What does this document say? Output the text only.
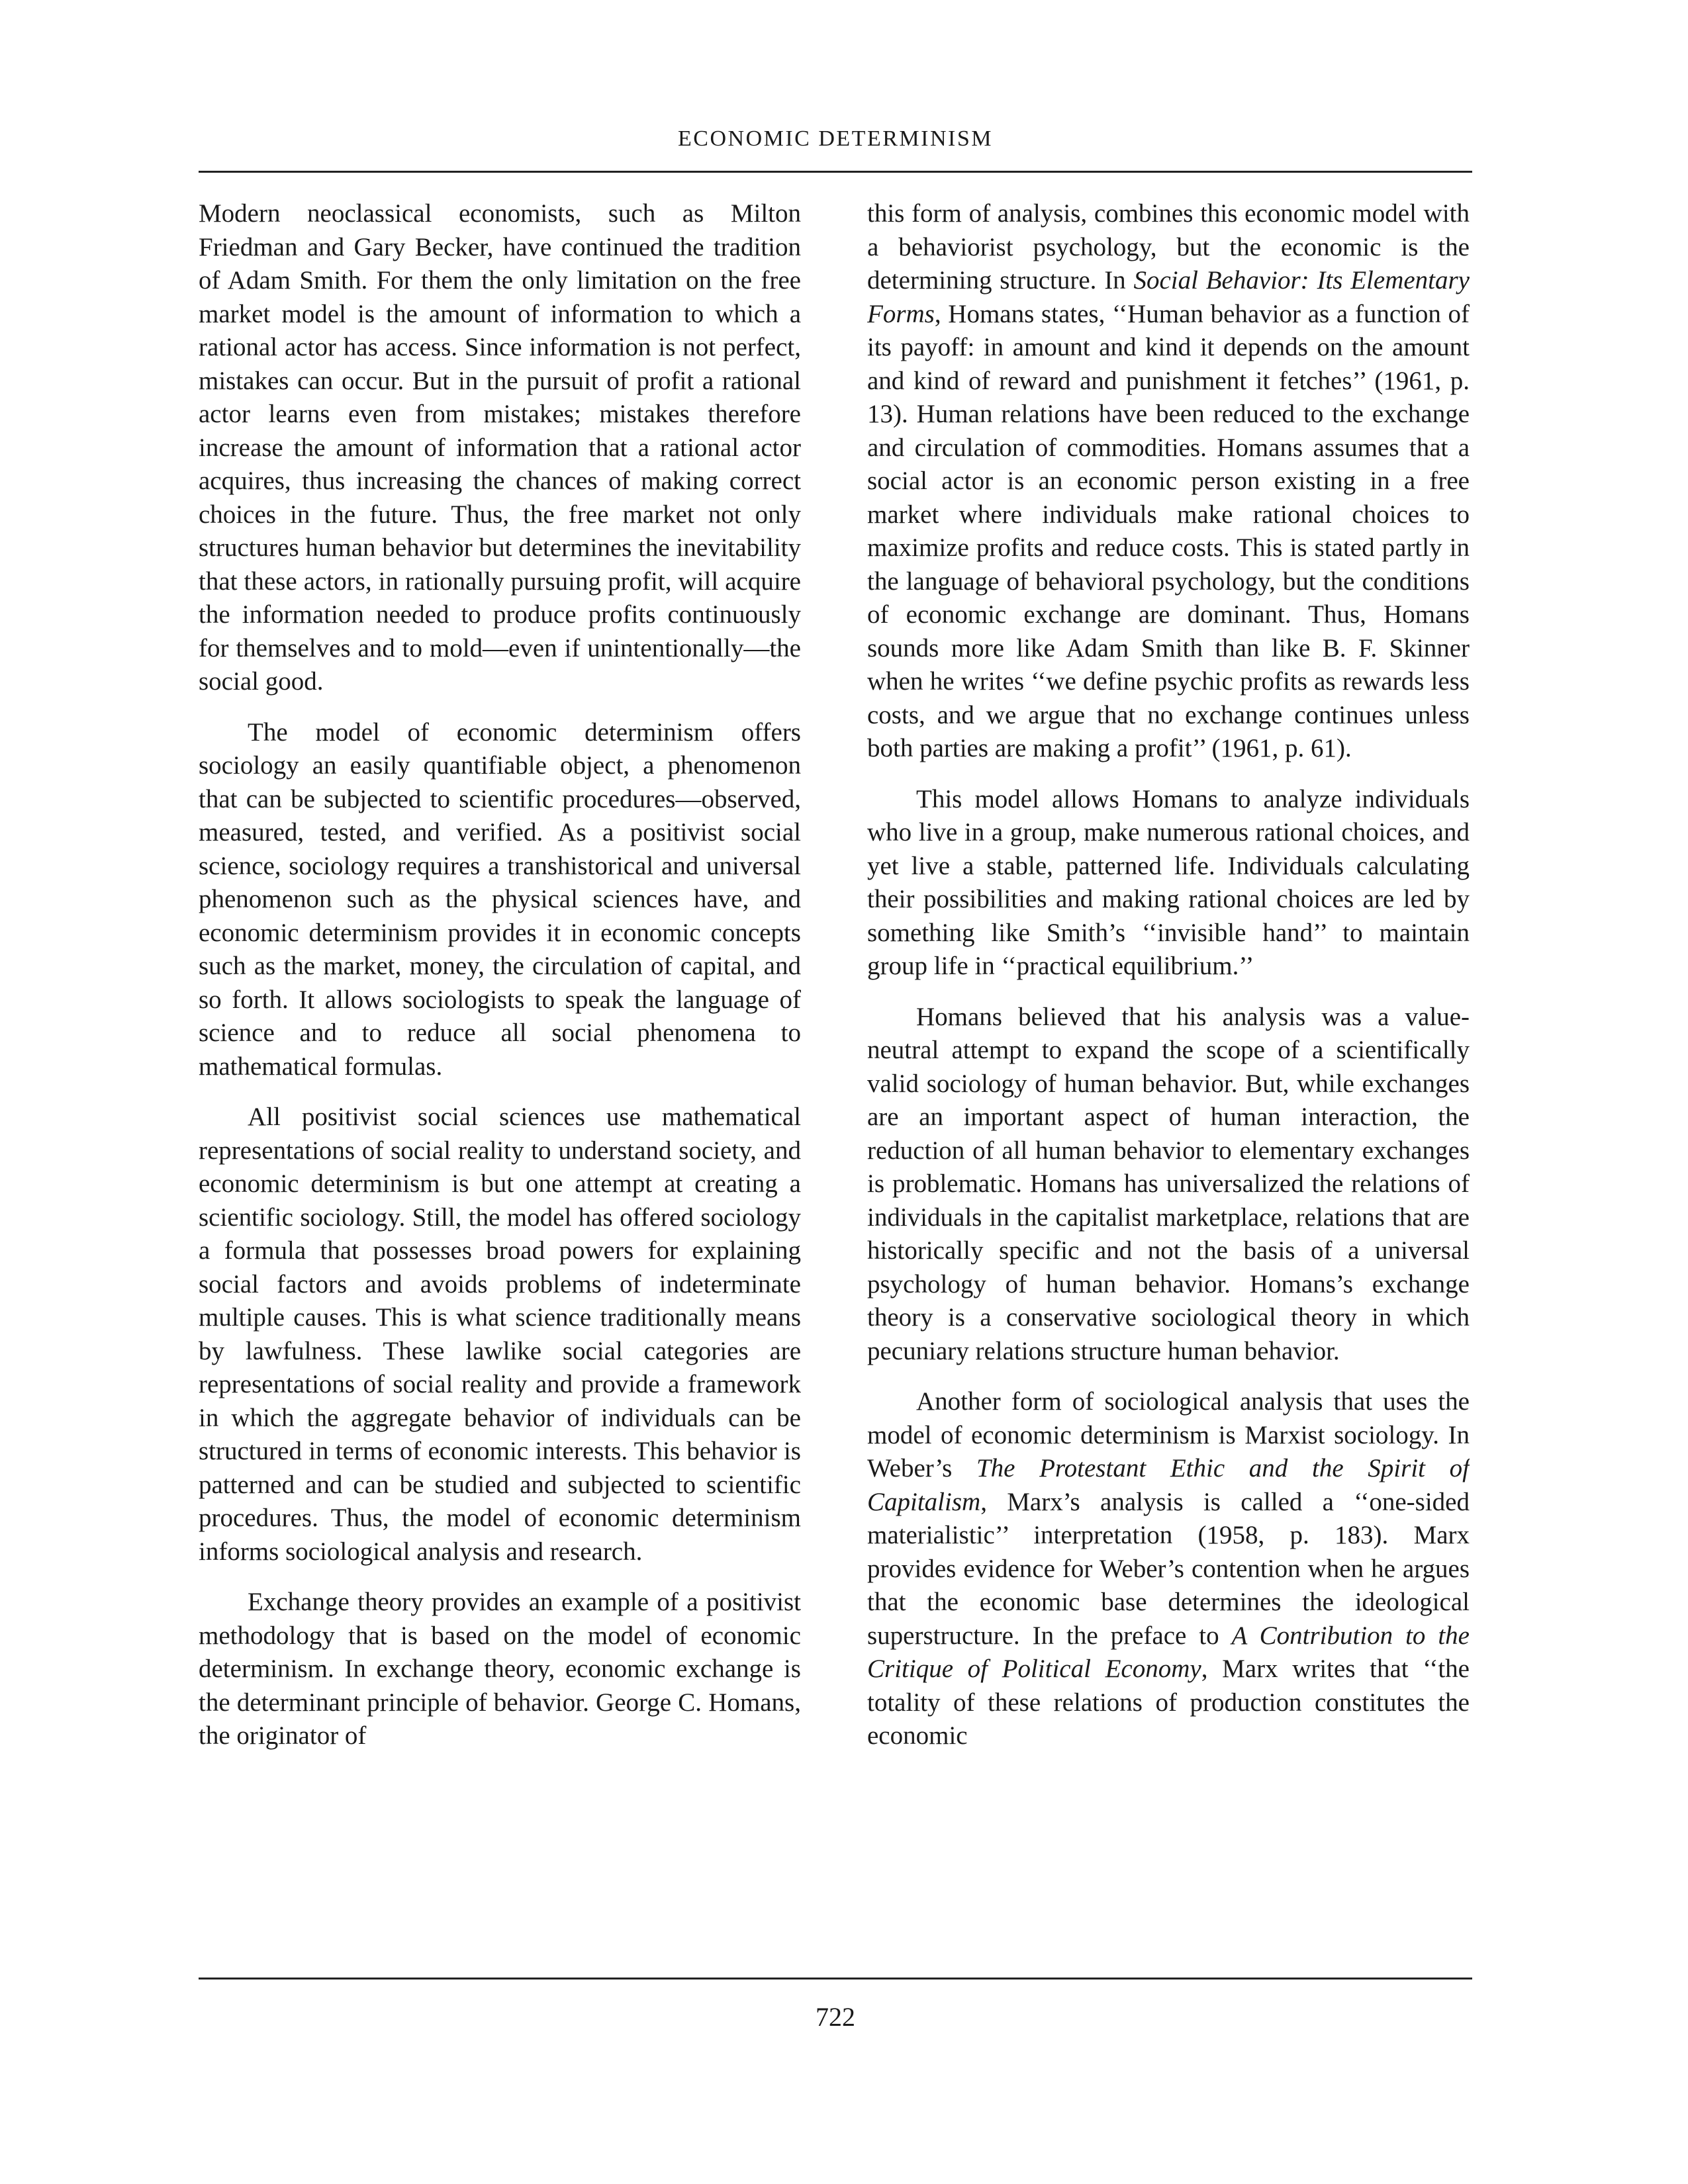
ECONOMIC DETERMINISM

Modern neoclassical economists, such as Milton Friedman and Gary Becker, have continued the tradition of Adam Smith. For them the only limitation on the free market model is the amount of information to which a rational actor has access. Since information is not perfect, mistakes can occur. But in the pursuit of profit a rational actor learns even from mistakes; mistakes therefore increase the amount of information that a rational actor acquires, thus increasing the chances of making correct choices in the future. Thus, the free market not only structures human behavior but determines the inevitability that these actors, in rationally pursuing profit, will acquire the information needed to produce profits continuously for themselves and to mold—even if unintentionally—the social good.

The model of economic determinism offers sociology an easily quantifiable object, a phenomenon that can be subjected to scientific procedures—observed, measured, tested, and verified. As a positivist social science, sociology requires a transhistorical and universal phenomenon such as the physical sciences have, and economic determinism provides it in economic concepts such as the market, money, the circulation of capital, and so forth. It allows sociologists to speak the language of science and to reduce all social phenomena to mathematical formulas.

All positivist social sciences use mathematical representations of social reality to understand society, and economic determinism is but one attempt at creating a scientific sociology. Still, the model has offered sociology a formula that possesses broad powers for explaining social factors and avoids problems of indeterminate multiple causes. This is what science traditionally means by lawfulness. These lawlike social categories are representations of social reality and provide a framework in which the aggregate behavior of individuals can be structured in terms of economic interests. This behavior is patterned and can be studied and subjected to scientific procedures. Thus, the model of economic determinism informs sociological analysis and research.

Exchange theory provides an example of a positivist methodology that is based on the model of economic determinism. In exchange theory, economic exchange is the determinant principle of behavior. George C. Homans, the originator of

this form of analysis, combines this economic model with a behaviorist psychology, but the economic is the determining structure. In Social Behavior: Its Elementary Forms, Homans states, ‘‘Human behavior as a function of its payoff: in amount and kind it depends on the amount and kind of reward and punishment it fetches’’ (1961, p. 13). Human relations have been reduced to the exchange and circulation of commodities. Homans assumes that a social actor is an economic person existing in a free market where individuals make rational choices to maximize profits and reduce costs. This is stated partly in the language of behavioral psychology, but the conditions of economic exchange are dominant. Thus, Homans sounds more like Adam Smith than like B. F. Skinner when he writes ‘‘we define psychic profits as rewards less costs, and we argue that no exchange continues unless both parties are making a profit’’ (1961, p. 61).

This model allows Homans to analyze individuals who live in a group, make numerous rational choices, and yet live a stable, patterned life. Individuals calculating their possibilities and making rational choices are led by something like Smith’s ‘‘invisible hand’’ to maintain group life in ‘‘practical equilibrium.’’

Homans believed that his analysis was a value-neutral attempt to expand the scope of a scientifically valid sociology of human behavior. But, while exchanges are an important aspect of human interaction, the reduction of all human behavior to elementary exchanges is problematic. Homans has universalized the relations of individuals in the capitalist marketplace, relations that are historically specific and not the basis of a universal psychology of human behavior. Homans’s exchange theory is a conservative sociological theory in which pecuniary relations structure human behavior.

Another form of sociological analysis that uses the model of economic determinism is Marxist sociology. In Weber’s The Protestant Ethic and the Spirit of Capitalism, Marx’s analysis is called a ‘‘one-sided materialistic’’ interpretation (1958, p. 183). Marx provides evidence for Weber’s contention when he argues that the economic base determines the ideological superstructure. In the preface to A Contribution to the Critique of Political Economy, Marx writes that ‘‘the totality of these relations of production constitutes the economic

722
